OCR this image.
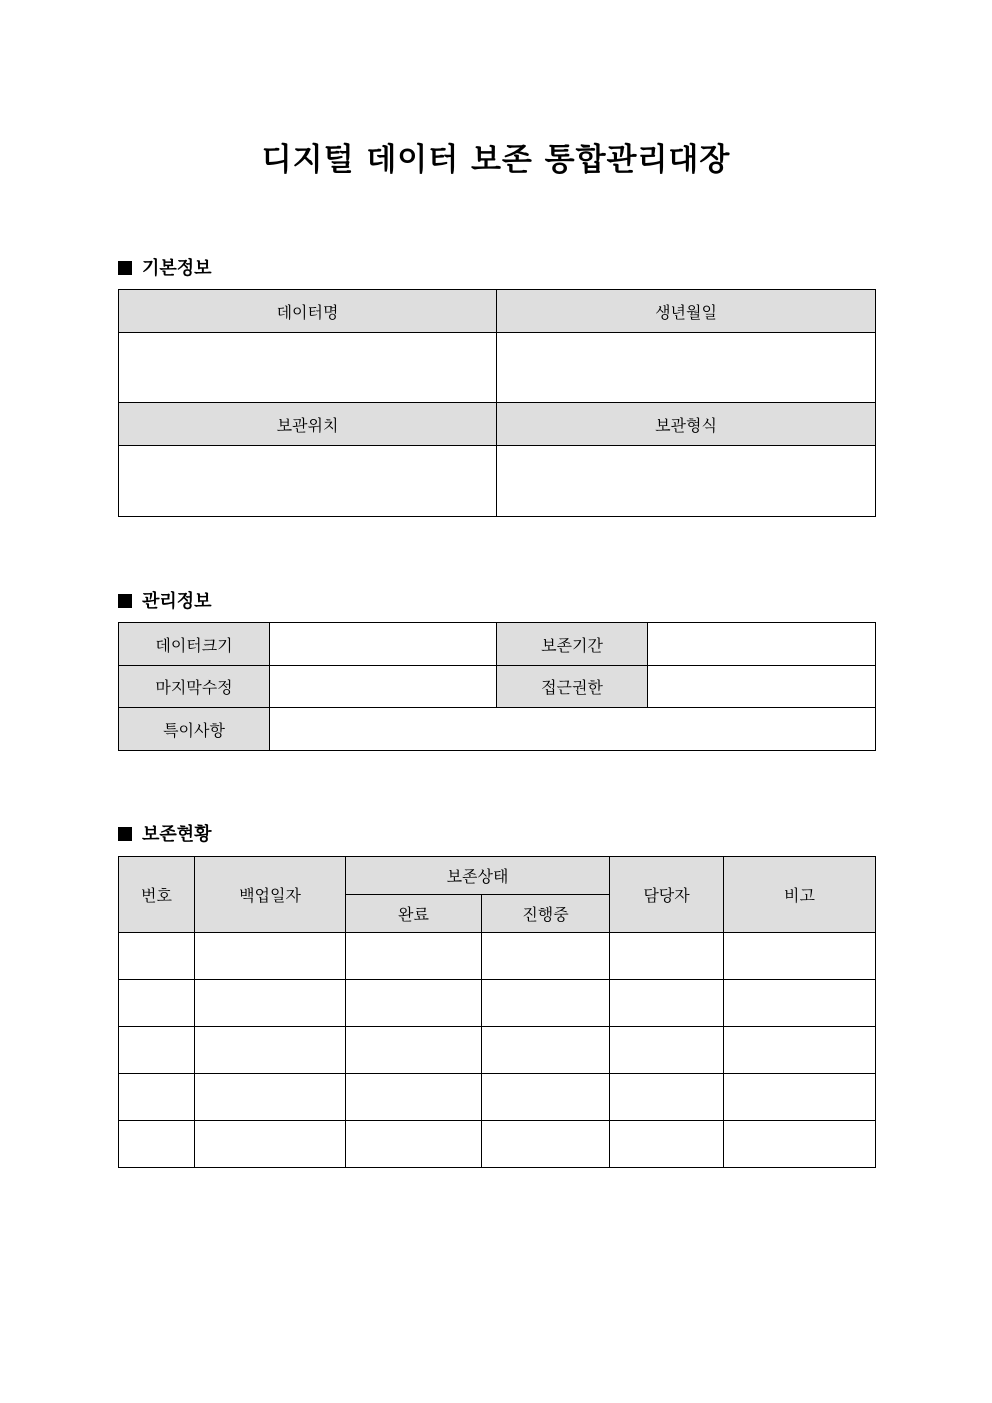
디지털 데이터 보존 통합관리대장
기본정보
데이터명	생년월일

보관위치	보관형식

관리정보
데이터크기		보존기간	
마지막수정		접근권한	
특이사항			
보존현황
번호	백업일자	보존상태		담당자	비고
		완료	진행중		
